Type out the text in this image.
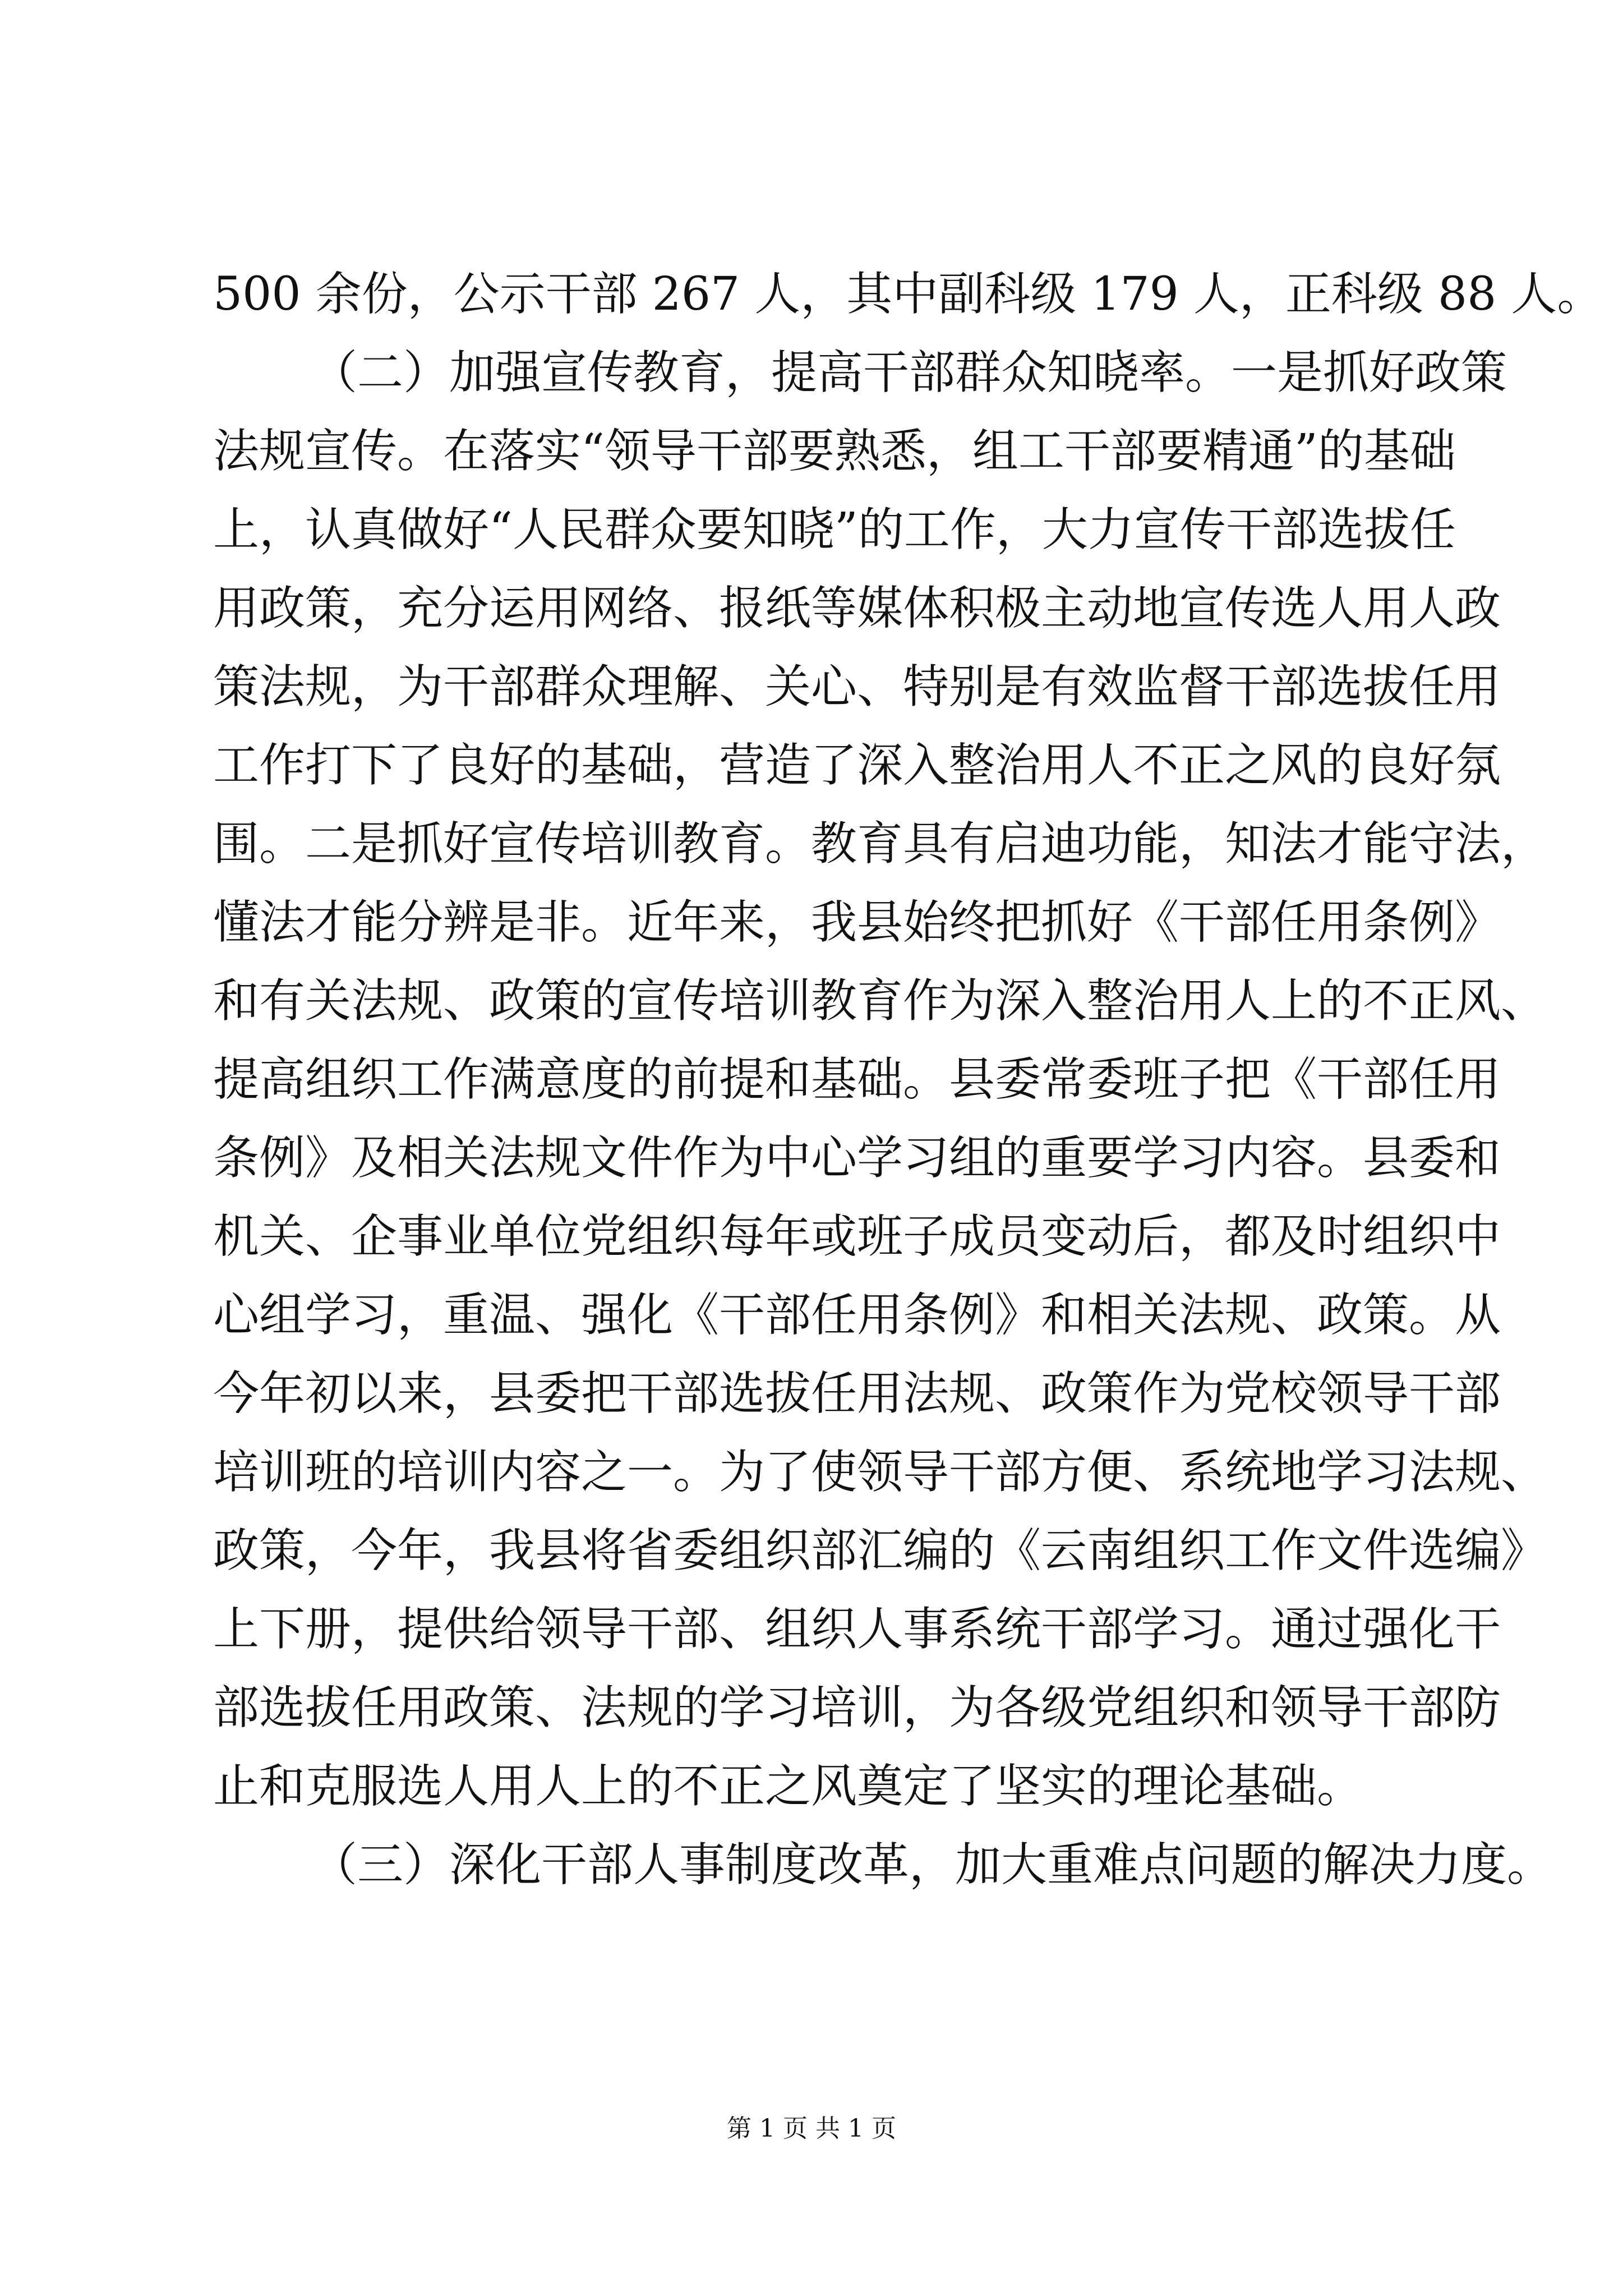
500 余份，公示干部 267 人，其中副科级 179 人，正科级 88 人。
（二）加强宣传教育，提高干部群众知晓率。一是抓好政策
法规宣传。在落实“领导干部要熟悉，组工干部要精通”的基础
上，认真做好“人民群众要知晓”的工作，大力宣传干部选拔任
用政策，充分运用网络、报纸等媒体积极主动地宣传选人用人政
策法规，为干部群众理解、关心、特别是有效监督干部选拔任用
工作打下了良好的基础，营造了深入整治用人不正之风的良好氛
围。二是抓好宣传培训教育。教育具有启迪功能，知法才能守法，
懂法才能分辨是非。近年来，我县始终把抓好《干部任用条例》
和有关法规、政策的宣传培训教育作为深入整治用人上的不正风、
提高组织工作满意度的前提和基础。县委常委班子把《干部任用
条例》及相关法规文件作为中心学习组的重要学习内容。县委和
机关、企事业单位党组织每年或班子成员变动后，都及时组织中
心组学习，重温、强化《干部任用条例》和相关法规、政策。从
今年初以来，县委把干部选拔任用法规、政策作为党校领导干部
培训班的培训内容之一。为了使领导干部方便、系统地学习法规、
政策，今年，我县将省委组织部汇编的《云南组织工作文件选编》
上下册，提供给领导干部、组织人事系统干部学习。通过强化干
部选拔任用政策、法规的学习培训，为各级党组织和领导干部防
止和克服选人用人上的不正之风奠定了坚实的理论基础。
（三）深化干部人事制度改革，加大重难点问题的解决力度。
第 1 页 共 1 页
